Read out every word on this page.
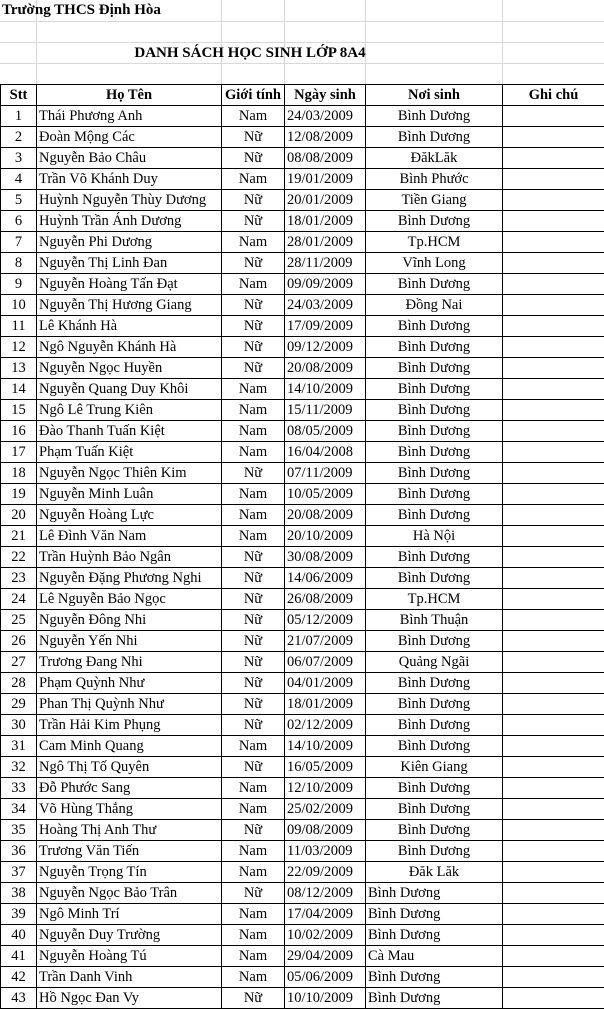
Trường THCS Định Hòa
DANH SÁCH HỌC SINH LỚP 8A4
Stt	Họ Tên	Giới tính	Ngày sinh	Nơi sinh	Ghi chú
1	Thái Phương Anh	Nam	24/03/2009	Bình Dương	
2	Đoàn Mộng Các	Nữ	12/08/2009	Bình Dương	
3	Nguyễn Bảo Châu	Nữ	08/08/2009	ĐăkLăk	
4	Trần Võ Khánh Duy	Nam	19/01/2009	Bình Phước	
5	Huỳnh Nguyễn Thùy Dương	Nữ	20/01/2009	Tiền Giang	
6	Huỳnh Trần Ánh Dương	Nữ	18/01/2009	Bình Dương	
7	Nguyễn Phi Dương	Nam	28/01/2009	Tp.HCM	
8	Nguyễn Thị Linh Đan	Nữ	28/11/2009	Vĩnh Long	
9	Nguyễn Hoàng Tấn Đạt	Nam	09/09/2009	Bình Dương	
10	Nguyễn Thị Hương Giang	Nữ	24/03/2009	Đồng Nai	
11	Lê Khánh Hà	Nữ	17/09/2009	Bình Dương	
12	Ngô Nguyễn Khánh Hà	Nữ	09/12/2009	Bình Dương	
13	Nguyễn Ngọc Huyền	Nữ	20/08/2009	Bình Dương	
14	Nguyễn Quang Duy Khôi	Nam	14/10/2009	Bình Dương	
15	Ngô Lê Trung Kiên	Nam	15/11/2009	Bình Dương	
16	Đào Thanh Tuấn Kiệt	Nam	08/05/2009	Bình Dương	
17	Phạm Tuấn Kiệt	Nam	16/04/2008	Bình Dương	
18	Nguyễn Ngọc Thiên Kim	Nữ	07/11/2009	Bình Dương	
19	Nguyễn Minh Luân	Nam	10/05/2009	Bình Dương	
20	Nguyễn Hoàng Lực	Nam	20/08/2009	Bình Dương	
21	Lê Đình Văn Nam	Nam	20/10/2009	Hà Nội	
22	Trần Huỳnh Bảo Ngân	Nữ	30/08/2009	Bình Dương	
23	Nguyễn Đặng Phương Nghi	Nữ	14/06/2009	Bình Dương	
24	Lê Nguyễn Bảo Ngọc	Nữ	26/08/2009	Tp.HCM	
25	Nguyễn Đông Nhi	Nữ	05/12/2009	Bình Thuận	
26	Nguyễn Yến Nhi	Nữ	21/07/2009	Bình Dương	
27	Trương Đang Nhi	Nữ	06/07/2009	Quảng Ngãi	
28	Phạm Quỳnh Như	Nữ	04/01/2009	Bình Dương	
29	Phan Thị Quỳnh Như	Nữ	18/01/2009	Bình Dương	
30	Trần Hải Kim Phụng	Nữ	02/12/2009	Bình Dương	
31	Cam Minh Quang	Nam	14/10/2009	Bình Dương	
32	Ngô Thị Tố Quyên	Nữ	16/05/2009	Kiên Giang	
33	Đỗ Phước Sang	Nam	12/10/2009	Bình Dương	
34	Võ Hùng Thắng	Nam	25/02/2009	Bình Dương	
35	Hoàng Thị Anh Thư	Nữ	09/08/2009	Bình Dương	
36	Trương Văn Tiến	Nam	11/03/2009	Bình Dương	
37	Nguyễn Trọng Tín	Nam	22/09/2009	Đăk Lăk	
38	Nguyễn Ngọc Bảo Trân	Nữ	08/12/2009	Bình Dương	
39	Ngô Minh Trí	Nam	17/04/2009	Bình Dương	
40	Nguyễn Duy Trường	Nam	10/02/2009	Bình Dương	
41	Nguyễn Hoàng Tú	Nam	29/04/2009	Cà Mau	
42	Trần Danh Vinh	Nam	05/06/2009	Bình Dương	
43	Hồ Ngọc Đan Vy	Nữ	10/10/2009	Bình Dương	
